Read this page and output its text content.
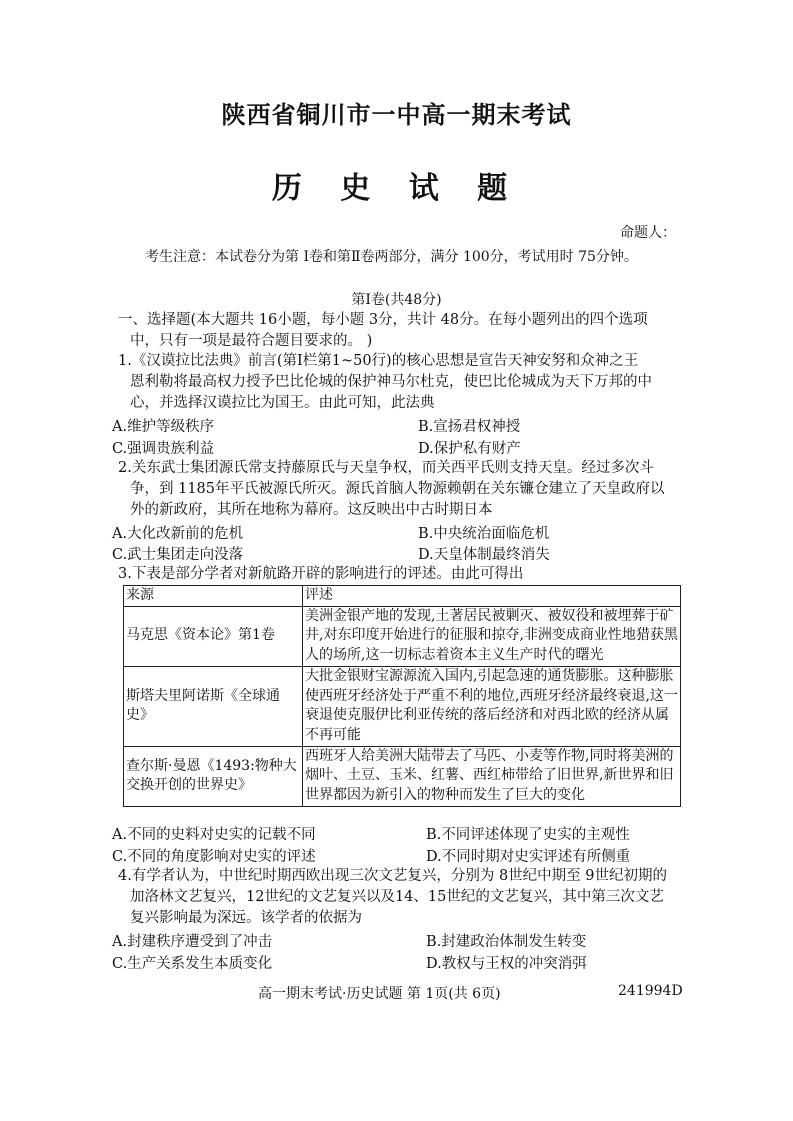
陕西省铜川市一中高一期末考试
历 史 试 题
命题人：
考生注意：本试卷分为第 Ⅰ卷和第Ⅱ卷两部分，满分 100分，考试用时 75分钟。
第Ⅰ卷(共48分)
一、选择题(本大题共 16小题，每小题 3分，共计 48分。在每小题列出的四个选项

中，只有一项是最符合题目要求的。 )
1.《汉谟拉比法典》前言(第Ⅰ栏第1~50行)的核心思想是宣告天神安努和众神之王

恩利勒将最高权力授予巴比伦城的保护神马尔杜克，使巴比伦城成为天下万邦的中
心，并选择汉谟拉比为国王。由此可知，此法典
A.维护等级秩序	B.宣扬君权神授
C.强调贵族利益	D.保护私有财产
2.关东武士集团源氏常支持藤原氏与天皇争权，而关西平氏则支持天皇。经过多次斗

争，到 1185年平氏被源氏所灭。源氏首脑人物源赖朝在关东镰仓建立了天皇政府以
外的新政府，其所在地称为幕府。这反映出中古时期日本
A.大化改新前的危机	B.中央统治面临危机
C.武士集团走向没落	D.天皇体制最终消失
3.下表是部分学者对新航路开辟的影响进行的评述。由此可得出
来源	评述
马克思《资本论》第1卷	美洲金银产地的发现,土著居民被剿灭、被奴役和被埋葬于矿井,对东印度开始进行的征服和掠夺,非洲变成商业性地猎获黑人的场所,这一切标志着资本主义生产时代的曙光
斯塔夫里阿诺斯《全球通史》	大批金银财宝源源流入国内,引起急速的通货膨胀。这种膨胀使西班牙经济处于严重不利的地位,西班牙经济最终衰退,这一衰退使克服伊比利亚传统的落后经济和对西北欧的经济从属不再可能
查尔斯·曼恩《1493:物种大交换开创的世界史》	西班牙人给美洲大陆带去了马匹、小麦等作物,同时将美洲的烟叶、土豆、玉米、红薯、西红柿带给了旧世界,新世界和旧世界都因为新引入的物种而发生了巨大的变化
A.不同的史料对史实的记载不同	B.不同评述体现了史实的主观性
C.不同的角度影响对史实的评述	D.不同时期对史实评述有所侧重
4.有学者认为，中世纪时期西欧出现三次文艺复兴，分别为 8世纪中期至 9世纪初期的

加洛林文艺复兴，12世纪的文艺复兴以及14、15世纪的文艺复兴，其中第三次文艺
复兴影响最为深远。该学者的依据为
A.封建秩序遭受到了冲击	B.封建政治体制发生转变
C.生产关系发生本质变化	D.教权与王权的冲突消弭
高一期末考试·历史试题 第 1页(共 6页)	241994D
